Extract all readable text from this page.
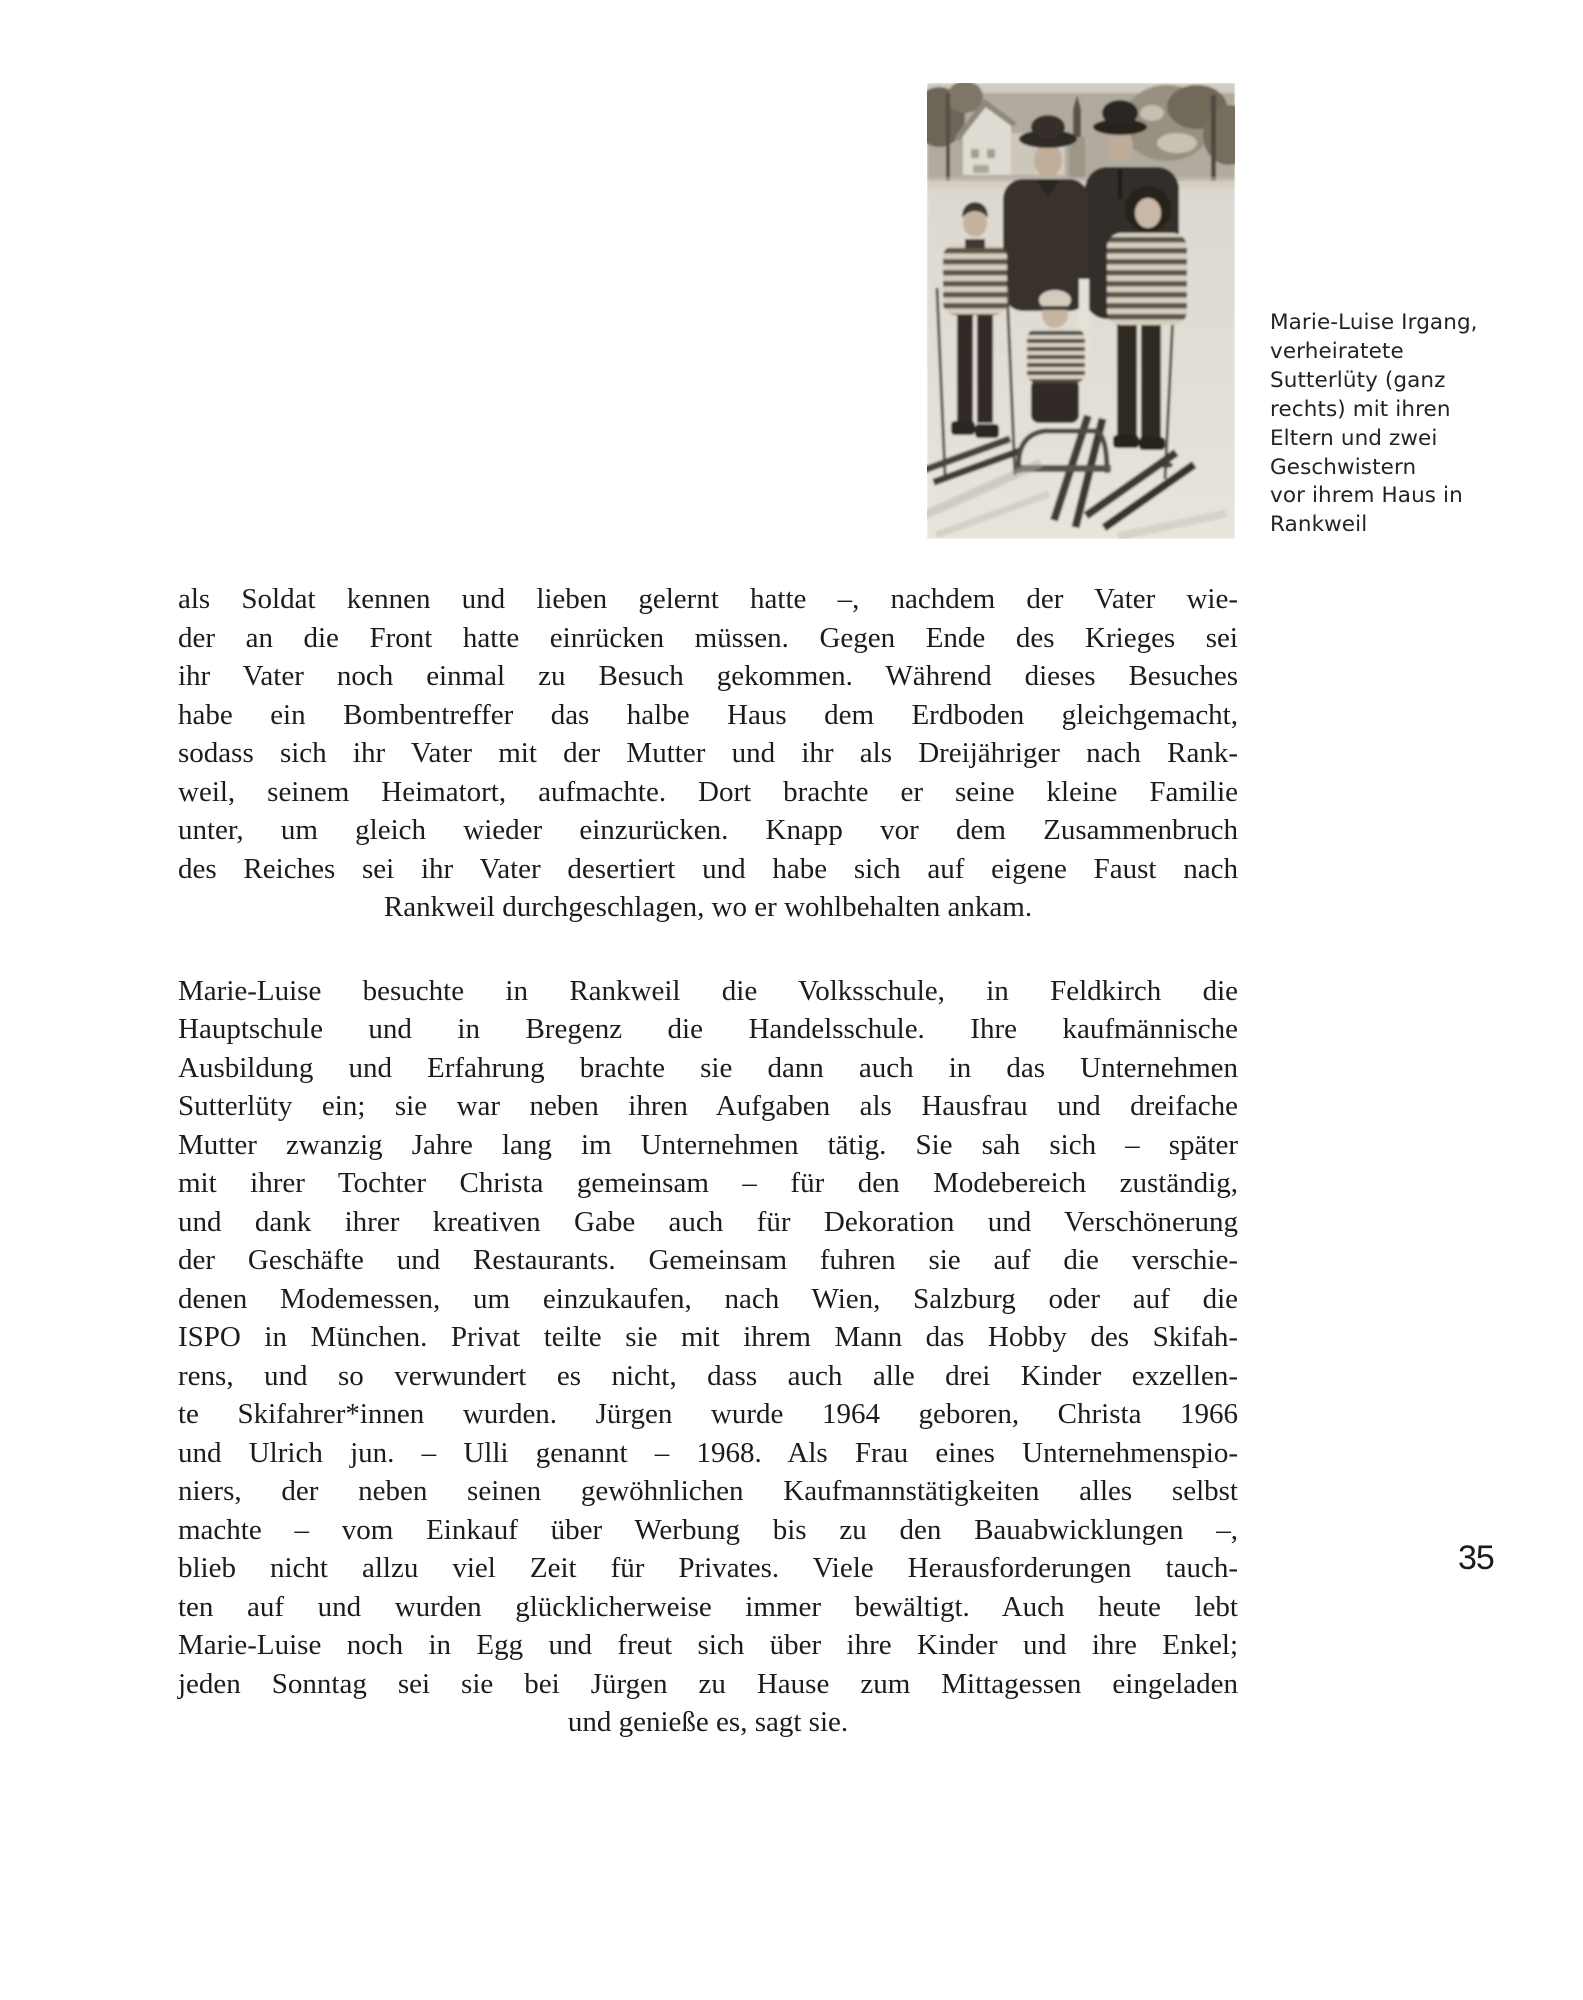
Marie-Luise Irgang,
verheiratete
Sutterlüty (ganz
rechts) mit ihren
Eltern und zwei
Geschwistern
vor ihrem Haus in
Rankweil

als Soldat kennen und lieben gelernt hatte –, nachdem der Vater wie-
der an die Front hatte einrücken müssen. Gegen Ende des Krieges sei
ihr Vater noch einmal zu Besuch gekommen. Während dieses Besuches
habe ein Bombentreffer das halbe Haus dem Erdboden gleichgemacht,
sodass sich ihr Vater mit der Mutter und ihr als Dreijähriger nach Rank-
weil, seinem Heimatort, aufmachte. Dort brachte er seine kleine Familie
unter, um gleich wieder einzurücken. Knapp vor dem Zusammenbruch
des Reiches sei ihr Vater desertiert und habe sich auf eigene Faust nach
Rankweil durchgeschlagen, wo er wohlbehalten ankam.

Marie-Luise besuchte in Rankweil die Volksschule, in Feldkirch die
Hauptschule und in Bregenz die Handelsschule. Ihre kaufmännische
Ausbildung und Erfahrung brachte sie dann auch in das Unternehmen
Sutterlüty ein; sie war neben ihren Aufgaben als Hausfrau und dreifache
Mutter zwanzig Jahre lang im Unternehmen tätig. Sie sah sich – später
mit ihrer Tochter Christa gemeinsam – für den Modebereich zuständig,
und dank ihrer kreativen Gabe auch für Dekoration und Verschönerung
der Geschäfte und Restaurants. Gemeinsam fuhren sie auf die verschie-
denen Modemessen, um einzukaufen, nach Wien, Salzburg oder auf die
ISPO in München. Privat teilte sie mit ihrem Mann das Hobby des Skifah-
rens, und so verwundert es nicht, dass auch alle drei Kinder exzellen-
te Skifahrer*innen wurden. Jürgen wurde 1964 geboren, Christa 1966
und Ulrich jun. – Ulli genannt – 1968. Als Frau eines Unternehmenspio-
niers, der neben seinen gewöhnlichen Kaufmannstätigkeiten alles selbst
machte – vom Einkauf über Werbung bis zu den Bauabwicklungen –,
blieb nicht allzu viel Zeit für Privates. Viele Herausforderungen tauch-
ten auf und wurden glücklicherweise immer bewältigt. Auch heute lebt
Marie-Luise noch in Egg und freut sich über ihre Kinder und ihre Enkel;
jeden Sonntag sei sie bei Jürgen zu Hause zum Mittagessen eingeladen
und genieße es, sagt sie.

35
